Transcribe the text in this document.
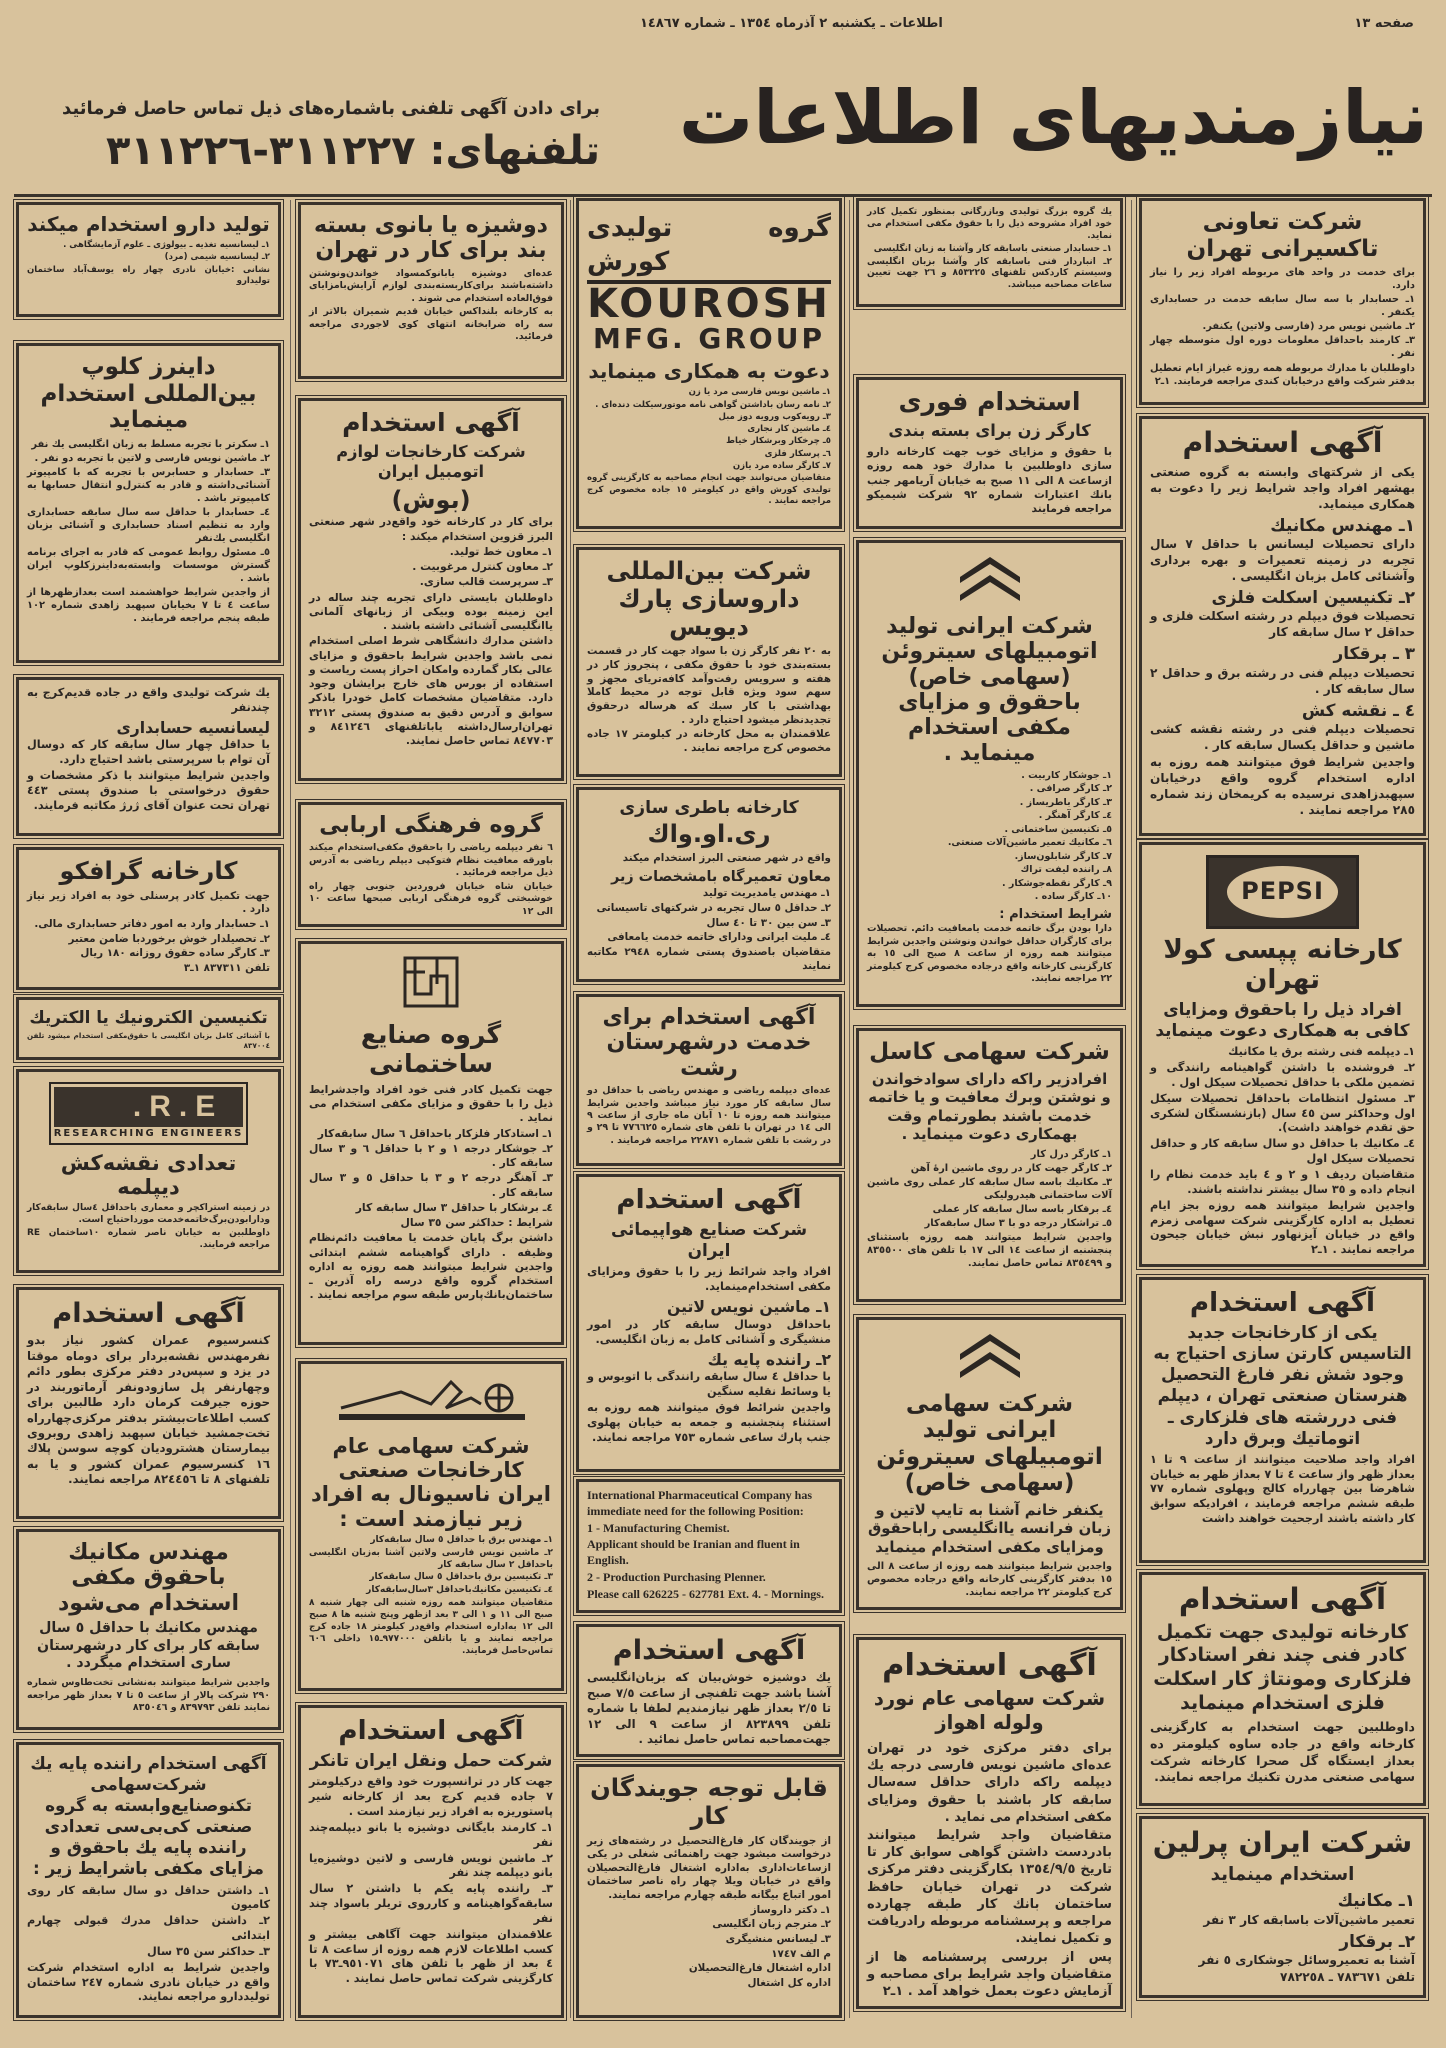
صفحه ۱۳
اطلاعات ـ یکشنبه ۲ آذرماه ۱۳٥٤ ـ شماره ۱٤۸٦۷
نیازمندیهای اطلاعات
برای دادن آگهی تلفنی باشماره‌های ذیل تماس حاصل فرمائید
تلفنهای: ۳۱۱۲۲۷-۳۱۱۲۲٦
شرکت تعاونی تاکسیرانی تهران

برای خدمت در واحد های مربوطه افراد زیر را نیاز دارد.

۱ـ حسابدار با سه سال سابقه خدمت در حسابداری یکنفر .

۲ـ ماشین نویس مرد (فارسی ولاتین) یکنفر.

۳ـ کارمند باحداقل معلومات دوره اول متوسطه چهار نفر .

داوطلبان با مدارك مربوطه همه روزه غیراز ایام تعطیل بدفتر شرکت واقع درخیابان کندی مراجعه فرمایند. ۱ـ۲

آگهی استخدام

یکی از شرکتهای وابسته به گروه صنعتی بهشهر افراد واجد شرایط زیر را دعوت به همکاری مینماید.

۱ـ مهندس مکانیك

دارای تحصیلات لیسانس با حداقل ۷ سال تجربه در زمینه تعمیرات و بهره برداری وآشنائی کامل بزبان انگلیسی .

۲ـ تکنیسین اسکلت فلزی

تحصیلات فوق دیپلم در رشته اسکلت فلزی و حداقل ۲ سال سابقه کار

۳ ـ برقکار

تحصیلات دیپلم فنی در رشته برق و حداقل ۲ سال سابقه کار .

٤ ـ نقشه کش

تحصیلات دیپلم فنی در رشته نقشه کشی ماشین و حداقل یکسال سابقه کار .

واجدین شرایط فوق میتوانند همه روزه به اداره استخدام گروه واقع درخیابان سپهبدزاهدی نرسیده به کریمخان زند شماره ۲۸٥ مراجعه نمایند .

PEPSI
کارخانه پپسی کولا تهران
افراد ذیل را باحقوق ومزایای کافی به همکاری دعوت مینماید

۱ـ دیپلمه فنی رشته برق یا مکانیك

۲ـ فروشنده با داشتن گواهینامه رانندگی و تضمین ملکی با حداقل تحصیلات سیکل اول .

۳ـ مسئول انتظامات باحداقل تحصیلات سیکل اول وحداکثر سن ٤٥ سال (بازنشستگان لشکری حق تقدم خواهند داشت).

٤ـ مکانیك با حداقل دو سال سابقه کار و حداقل تحصیلات سیکل اول

متقاضیان ردیف ۱ و ۲ و ٤ باید خدمت نظام را انجام داده و ۳٥ سال بیشتر نداشته باشند.

واجدین شرایط میتوانند همه روزه بجز ایام تعطیل به اداره کارگزینی شرکت سهامی زمزم واقع در خیابان آیزنهاور نبش خیابان جیحون مراجعه نمایند . ۱ـ۲

آگهی استخدام
یکی از کارخانجات جدید التاسیس کارتن سازی احتیاج به وجود شش نفر فارغ التحصیل هنرستان صنعتی تهران ، دیپلم فنی دررشته های فلزکاری ـ اتوماتیك وبرق دارد

افراد واجد صلاحیت میتوانند از ساعت ۹ تا ۱ بعداز ظهر واز ساعت ٤ تا ۷ بعداز ظهر به خیابان شاهرضا بین چهارراه کالج وپهلوی شماره ۷۷ طبقه ششم مراجعه فرمایند ، افرادیکه سوابق کار داشته باشند ارجحیت خواهند داشت

آگهی استخدام
کارخانه تولیدی جهت تکمیل کادر فنی چند نفر استادکار فلزکاری ومونتاژ کار اسکلت فلزی استخدام مینماید

داوطلبین جهت استخدام به کارگزینی کارخانه واقع در جاده ساوه کیلومتر ده بعداز ایستگاه گل صحرا کارخانه شرکت سهامی صنعتی مدرن تکنیك مراجعه نمایند.

شرکت ایران پرلین
استخدام مینماید
۱ـ مکانیك

تعمیر ماشین‌آلات باسابقه کار ۳ نفر

۲ـ برقکار

آشنا به تعمیروسائل جوشکاری ٥ نفر

تلفن ۷۸۳٦۷۱ ـ ۷۸۲۲٥۸

یك گروه بزرگ تولیدی وبازرگانی بمنظور تکمیل کادر خود افراد مشروحه ذیل را با حقوق مکفی استخدام می نماید.

۱ـ حسابدار صنعتی باسابقه کار وآشنا به زبان انگلیسی

۲ـ انباردار فنی باسابقه کار وآشنا بزبان انگلیسی وسیستم کاردکس تلفنهای ۸٥۳۲۲٥ و ۲٦ جهت تعیین ساعات مصاحبه میباشد.

استخدام فوری
کارگر زن برای بسته بندی

با حقوق و مزایای خوب جهت کارخانه دارو سازی داوطلبین با مدارك خود همه روزه ازساعت ۸ الی ۱۱ صبح به خیابان آریامهر جنب بانك اعتبارات شماره ۹۲ شرکت شیمیکو مراجعه فرمایند

شرکت ایرانی تولید اتومبیلهای سیتروئن (سهامی خاص) باحقوق و مزایای مکفی استخدام مینماید .

۱ـ جوشکار کاربیت .

۲ـ کارگر صرافی .

۳ـ کارگر باطریساز .

٤ـ کارگر آهنگر .

٥ـ تکنیسین ساختمانی .

٦ـ مکانیك تعمیر ماشین‌آلات صنعتی.

۷ـ کارگر شابلون‌ساز.

۸ـ راننده لیفت تراك

۹ـ کارگر نقطه‌جوشکار .

۱۰ـ کارگر ساده .

شرایط استخدام :

دارا بودن برگ خاتمه خدمت یامعافیت دائم. تحصیلات برای کارگران حداقل خواندن ونوشتن واجدین شرایط میتوانند همه روزه از ساعت ۸ صبح الی ۱٥ به کارگزینی کارخانه واقع درجاده مخصوص کرج کیلومتر ۲۲ مراجعه نمایند.

شرکت سهامی کاسل
افرادزیر راکه دارای سوادخواندن و نوشتن وبرك معافیت و یا خاتمه خدمت باشند بطورتمام وقت بهمکاری دعوت مینماید .

۱ـ کارگر درل کار

۲ـ کارگر جهت کار در روی ماشین ارهٔ آهن

۳ـ مکانیك باسه سال سابقه کار عملی روی ماشین آلات ساختمانی هیدرولیکی

٤ـ برقکار باسه سال سابقه کار عملی

٥ـ تراشکار درجه دو با ۳ سال سابقه‌کار

واجدین شرایط میتوانند همه روزه باستثنای پنجشنبه‌ از ساعت ۱٤ الی ۱۷ با تلفن های ۸۳٥٥۰۰ و ۸۳٥٤۹۹ تماس حاصل نمایند.

شرکت سهامی ایرانی تولید اتومبیلهای سیتروئن (سهامی خاص)
یکنفر خانم آشنا به تایپ لاتین و زبان فرانسه یاانگلیسی راباحقوق ومزایای مکفی استخدام مینماید

واجدین شرایط میتوانند همه روزه از ساعت ۸ الی ۱٥ بدفتر کارگزینی کارخانه واقع درجاده مخصوص کرج کیلومتر ۲۲ مراجعه نمایند.

آگهی استخدام
شرکت سهامی عام نورد ولوله اهواز

برای دفتر مرکزی خود در تهران عده‌ای ماشین نویس فارسی درجه یك دیپلمه راکه دارای حداقل سه‌سال سابقه کار باشند با حقوق ومزایای مکفی استخدام می نماید .

متقاضیان واجد شرایط میتوانند بادردست داشتن گواهی سوابق کار تا تاریخ ۱۳٥٤/۹/٥ بکارگزینی دفتر مرکزی شرکت در تهران خیابان حافظ ساختمان بانك کار طبقه چهارده مراجعه و پرسشنامه مربوطه رادریافت و تکمیل نمایند.

پس از بررسی پرسشنامه ها از متقاضیان واجد شرایط برای مصاحبه و آزمایش دعوت بعمل خواهد آمد . ۱ـ۲

گروه تولیدی کورش
KOUROSH
MFG. GROUP
دعوت به همکاری مینماید

۱ـ ماشین نویس فارسی مرد یا زن

۲ـ نامه رسان باداشتن گواهی نامه موتورسیکلت دنده‌ای .

۳ـ رویه‌کوب ورویه دوز مبل

٤ـ ماشین کار نجاری

٥ـ چرخکار وبرشکار خیاط

٦ـ پرسکار فلزی

۷ـ کارگر ساده مرد یازن

متقاضیان می‌توانند جهت انجام مصاحبه به کارگزینی گروه تولیدی کورش واقع در کیلومتر ۱٥ جاده مخصوص کرج مراجعه نمایند .

شرکت بین‌المللی داروسازی پارك دیویس

به ۲۰ نفر کارگر زن با سواد جهت کار در قسمت بسته‌بندی خود با حقوق مکفی ، پنجروز کار در هفته و سرویس رفت‌وآمد کافه‌تریای مجهز و سهم سود ویژه قابل توجه در محیط کاملا بهداشتی با کار سبك که هرساله درحقوق تجدیدنظر میشود احتیاج دارد .

علاقمندان به محل کارخانه در کیلومتر ۱۷ جاده مخصوص کرج مراجعه نمایند .

کارخانه باطری سازی
ری.او.واك

واقع در شهر صنعتی البرز استخدام میکند

معاون تعمیرگاه بامشخصات زیر

۱ـ مهندس یامدیریت تولید

۲ـ حداقل ٥ سال تجربه در شرکتهای تاسیساتی

۳ـ سن بین ۳۰ تا ٤۰ سال

٤ـ ملیت ایرانی ودارای خاتمه خدمت یامعافی

متقاضیان باصندوق پستی شماره ۲۹٤۸ مکاتبه نمایند

آگهی استخدام برای خدمت درشهرستان رشت

عده‌ای دیپلمه ریاضی و مهندس ریاضی با حداقل دو سال سابقه کار مورد نیاز میباشد واجدین شرایط میتوانند همه روزه تا ۱۰ آبان ماه جاری از ساعت ۹ الی ۱٤ در تهران با تلفن های شماره ۷۷٦٦۲٥ تا ۲۹ و در رشت با تلفن شماره ۲۲۸۷۱ مراجعه فرمایند .

آگهی استخدام
شرکت صنایع هواپیمائی ایران

افراد واجد شرائط زیر را با حقوق ومزایای مکفی استخدام‌مینماید.

۱ـ ماشین نویس لاتین

باحداقل دوسال سابقه کار در امور منشیگری و آشنائی کامل به زبان انگلیسی.

۲ـ راننده پایه یك

با حداقل ٤ سال سابقه رانندگی با اتوبوس و یا وسائط نقلیه سنگین

واجدین شرائط فوق میتوانند همه روزه به استثناء پنجشنبه و جمعه به خیابان پهلوی جنب پارك ساعی شماره ۷٥۳ مراجعه نمایند.

International Pharmaceutical Company has immediate need for the following Position:

1 - Manufacturing Chemist.

Applicant should be Iranian and fluent in English.

2 - Production Purchasing Plenner.

Please call 626225 - 627781 Ext. 4. - Mornings.

آگهی استخدام

یك دوشیزه خوش‌بیان که بزبان‌انگلیسی آشنا باشد جهت تلفنچی از ساعت ۷/٥ صبح تا ۲/٥ بعداز ظهر نیازمندیم لطفا با شماره تلفن ۸۲۳۸۹۹ از ساعت ۹ الی ۱۲ جهت‌مصاحبه تماس حاصل نمائید .

قابل توجه جویندگان کار

از جویندگان کار فارغ‌التحصیل در رشته‌های زیر درخواست میشود جهت راهنمائی شغلی در یکی ازساعات‌اداری به‌اداره اشتغال فارغ‌التحصیلان واقع در خیابان ویلا چهار راه ناصر ساختمان امور اتباع بیگانه طبقه چهارم مراجعه نمایند.

۱ـ دکتر داروساز

۲ـ مترجم زبان انگلیسی

۳ـ لیسانس منشیگری

م الف ۱۷٤۷

اداره اشتغال فارغ‌التحصیلان

اداره کل اشتغال

دوشیزه یا بانوی بسته بند برای کار در تهران

عده‌ای دوشیزه یابانوکمسواد خواندن‌ونوشتن داشته‌باشند برای‌کاربسته‌بندی لوازم آرایش‌بامزایای فوق‌العاده استخدام می شوند .

به کارخانه بلنداکس خیابان قدیم شمیران بالاتر از سه راه ضرابخانه انتهای کوی لاجوردی مراجعه فرمائید.

آگهی استخدام
شرکت کارخانجات لوازم اتومبیل ایران
(بوش)

برای کار در کارخانه خود واقع‌در شهر صنعتی البرز قزوین استخدام میکند :

۱ـ معاون خط تولید.

۲ـ معاون کنترل مرغوبیت .

۳ـ سرپرست قالب سازی.

داوطلبان بایستی دارای تجربه چند ساله در این زمینه بوده وبیکی از زبانهای آلمانی یاانگلیسی آشنائی داشته باشند .

داشتن مدارك دانشگاهی شرط اصلی استخدام نمی باشد واجدین شرایط باحقوق و مزایای عالی بکار گمارده وامکان احراز پست ریاست و استفاده از بورس های خارج برایشان وجود دارد. متقاضیان مشخصات کامل خودرا باذکر سوابق و آدرس دقیق به صندوق پستی ۳۲۱۲ تهران‌ارسال‌داشته یاباتلفنهای ۸٤۱۲٤٦ و ۸٤۷۷۰۳ تماس حاصل نمایند.

گروه فرهنگی اربابی

٦ نفر دیپلمه ریاضی را باحقوق مکفی‌استخدام میکند باورقه معافیت نظام فتوکپی دیپلم ریاضی به آدرس ذیل مراجعه فرمائید .

خیابان شاه خیابان فروردین جنوبی چهار راه خوشبختی گروه فرهنگی اربابی صبحها ساعت ۱۰ الی ۱۲

گروه صنایع ساختمانی

جهت تکمیل کادر فنی خود افراد واجدشرایط ذیل را با حقوق و مزایای مکفی استخدام می نماید .

۱ـ استادکار فلزکار باحداقل ٦ سال سابقه‌کار

۲ـ جوشکار درجه ۱ و ۲ با حداقل ٦ و ۳ سال سابقه کار .

۳ـ آهنگر درجه ۲ و ۳ با حداقل ٥ و ۳ سال سابقه کار .

٤ـ برشکار با حداقل ۳ سال سابقه کار

شرایط : حداکثر سن ۳٥ سال

داشتن برگ پایان خدمت یا معافیت دائم‌نظام وظیفه . دارای گواهینامه ششم ابتدائی واجدین شرایط میتوانند همه روزه به اداره استخدام گروه واقع درسه راه آذرین ـ ساختمان‌بانك‌پارس طبقه سوم مراجعه نمایند .

شرکت سهامی عام کارخانجات صنعتی ایران ناسیونال به افراد زیر نیازمند است :

۱ـ مهندس برق با حداقل ٥ سال سابقه‌کار

۲ـ ماشین نویس فارسی ولاتین آشنا به‌زبان انگلیسی باحداقل ۲ سال سابقه کار

۳ـ تکنیسین برق باحداقل ٥ سال سابقه‌کار

٤ـ تکنیسین مکانیك‌باحداقل ۳سال‌سابقه‌کار

متقاضیان میتوانند همه روزه شنبه الی چهار شنبه ۸ صبح الی ۱۱ و ۱ الی ۳ بعد ازظهر وپنج شنبه ها ۸ صبح الی ۱۲ به‌اداره استخدام واقع‌در کیلومتر ۱۸ جاده کرج مراجعه نمایند و یا باتلفن ۹۷۷۰۰۰ـ۱٥ داخلی ٦۰٦ تماس‌حاصل فرمایند.

آگهی استخدام
شرکت حمل ونقل ایران تانکر

جهت کار در ترانسپورت خود واقع درکیلومتر ۷ جاده قدیم کرج بعد از کارخانه شیر پاستوریزه به افراد زیر نیازمند است .

۱ـ کارمند بایگانی دوشیزه یا بانو دیپلمه‌چند نفر

۲ـ ماشین نویس فارسی و لاتین دوشیزه‌یا بانو دیپلمه چند نفر

۳ـ راننده پایه یکم با داشتن ۲ سال سابقه‌گواهینامه و کارروی تریلر باسواد چند نفر

علاقمندان میتوانند جهت آگاهی بیشتر و کسب اطلاعات لازم همه روزه از ساعت ۸ تا ٤ بعد از ظهر با تلفن های ۹٥۱۰۷۱ـ۷۳ با کارگزینی شرکت تماس حاصل نمایند .

تولید دارو استخدام میکند

۱ـ لیسانسیه تغذیه ـ بیولوژی ـ علوم آزمایشگاهی .

۲ـ لیسانسیه شیمی (مرد)

نشانی :خیابان نادری چهار راه یوسف‌آباد ساختمان تولیدارو

داینرز کلوپ بین‌المللی استخدام مینماید

۱ـ سکرتر با تجربه مسلط به زبان انگلیسی یك نفر

۲ـ ماشین نویس فارسی و لاتین با تجربه دو نفر .

۳ـ حسابدار و حسابرس با تجربه که با کامپیوتر آشنائی‌داشته و قادر به کنترل‌و انتقال حسابها به کامپیوتر باشد .

٤ـ حسابدار با حداقل سه سال سابقه حسابداری وارد به تنظیم اسناد حسابداری و آشنائی بزبان انگلیسی یك‌نفر

٥ـ مسئول روابط عمومی که قادر به اجرای برنامه گسترش موسسات وابسته‌به‌داینرزکلوپ ایران باشد .

از واجدین شرایط خواهشمند است بعدازظهرها از ساعت ٤ تا ۷ بخیابان سپهبد زاهدی شماره ۱۰۲ طبقه پنجم مراجعه فرمایند .

یك شرکت تولیدی واقع در جاده قدیم‌کرج به چندنفر

لیسانسیه حسابداری

با حداقل چهار سال سابقه کار که دوسال آن توام با سرپرستی باشد احتیاج دارد.

واجدین شرایط میتوانند با ذکر مشخصات و حقوق درخواستی با صندوق پستی ٤٤۳ تهران تحت عنوان آقای ژرژ مکاتبه فرمایند.

کارخانه گرافکو

جهت تکمیل کادر پرسنلی خود به افراد زیر نیاز دارد .

۱ـ حسابدار وارد به امور دفاتر حسابداری مالی.

۲ـ تحصیلدار خوش برخوردبا ضامن معتبر

۳ـ کارگر ساده حقوق روزانه ۱۸۰ ریال

تلفن ۸۳۷۳۱۱ ۱ـ۳

تکنیسین الکترونیك یا الکتریك

با آشنائی کامل بزبان انگلیسی با حقوق‌مکفی استخدام میشود تلفن ۸۳۷۰۰٤

R.E.
RESEARCHING ENGINEERS
تعدادی نقشه‌کش دیپلمه

در زمینه استراکچر و معماری باحداقل ٤سال سابقه‌کار ودارابودن‌برگ‌خاتمه‌خدمت مورداحتیاج است.

داوطلبین به خیابان ناصر شماره ۱۰ساختمان RE مراجعه فرمایند.

آگهی استخدام

کنسرسیوم عمران کشور نیاز بدو نفرمهندس نقشه‌بردار برای دوماه موقتا در یزد و سپس‌در دفتر مرکزی بطور دائم وچهارنفر پل سازودونفر آرماتوربند در حوزه جیرفت کرمان دارد طالبین برای کسب اطلاعات‌بیشتر بدفتر مرکزی‌چهارراه تخت‌جمشید خیابان سپهبد زاهدی روبروی بیمارستان هشترودیان کوچه سوسن پلاك ۱٦ کنسرسیوم عمران کشور و یا به تلفنهای ۸ تا ۸۲٤٤٥٦ مراجعه نمایند.

مهندس مکانیك باحقوق مکفی استخدام می‌شود
مهندس مکانیك با حداقل ٥ سال سابقه کار برای کار درشهرستان ساری استخدام میگردد .

واجدین شرایط میتوانند به‌نشانی تخت‌طاوس شماره ۲۹۰ شرکت پالار از ساعت ٥ تا ۷ بعداز ظهر مراجعه نمایند تلفن ۸۳۹۷۹۳ و ۸۳٥۰٤٦

آگهی استخدام راننده پایه یك شرکت‌سهامی تکنوصنایع‌وابسته به گروه صنعتی کی‌بی‌سی تعدادی راننده پایه یك باحقوق و مزایای مکفی باشرایط زیر :

۱ـ داشتن حداقل دو سال سابقه کار روی کامیون

۲ـ داشتن حداقل مدرك قبولی چهارم ابتدائی

۳ـ حداکثر سن ۳٥ سال

واجدین شرایط به اداره استخدام شرکت واقع در خیابان نادری شماره ۲٤۷ ساختمان تولیددارو مراجعه نمایند.
